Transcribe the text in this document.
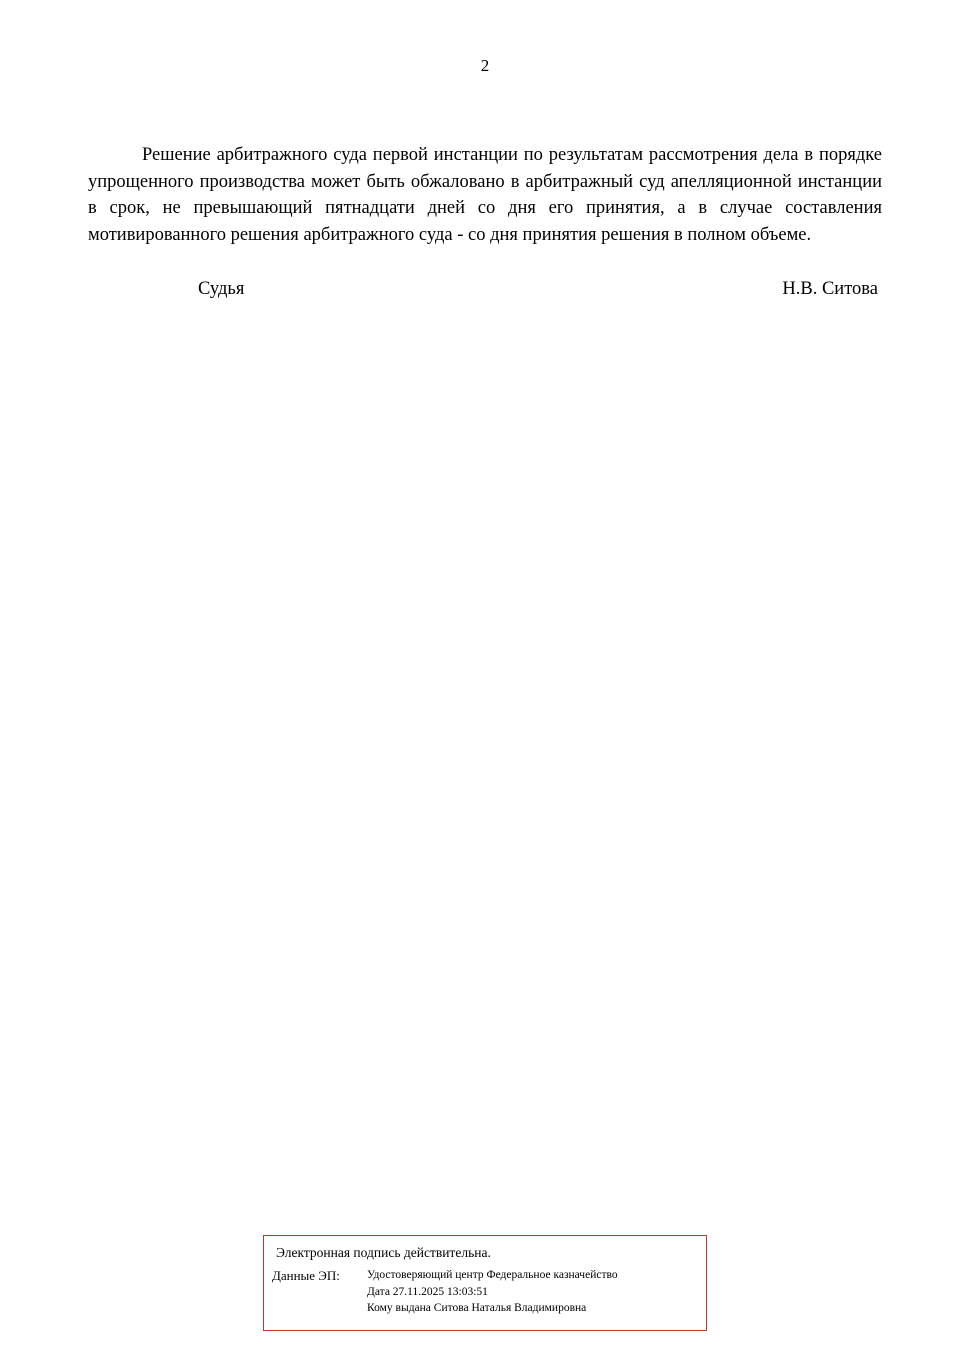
2
Решение арбитражного суда первой инстанции по результатам рассмотрения дела в порядке упрощенного производства может быть обжаловано в арбитражный суд апелляционной инстанции в срок, не превышающий пятнадцати дней со дня его принятия, а в случае составления мотивированного решения арбитражного суда - со дня принятия решения в полном объеме.
Судья	Н.В. Ситова
Электронная подпись действительна.
Данные ЭП: Удостоверяющий центр Федеральное казначейство
Дата 27.11.2025 13:03:51
Кому выдана Ситова Наталья Владимировна
